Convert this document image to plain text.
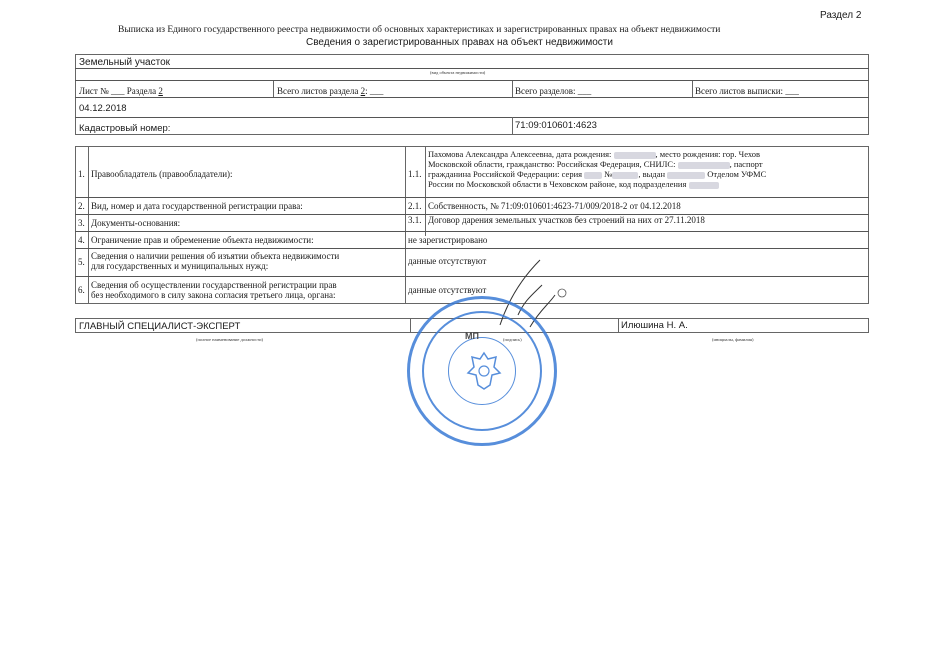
Раздел 2
Выписка из Единого государственного реестра недвижимости об основных характеристиках и зарегистрированных правах на объект недвижимости
Сведения о зарегистрированных правах на объект недвижимости
Земельный участок
(вид объекта недвижимости)
Лист № ___ Раздела 2	Всего листов раздела 2: ___	Всего разделов: ___	Всего листов выписки: ___
04.12.2018
Кадастровый номер:	71:09:010601:4623
1. Правообладатель (правообладатели):	1.1.
Пахомова Александра Алексеевна, дата рождения:	, место рождения: гор. Чехов
Московской области, гражданство: Российская Федерация, СНИЛС:	, паспорт
гражданина Российской Федерации: серия	№	, выдан	Отделом УФМС
России по Московской области в Чеховском районе, код подразделения
2. Вид, номер и дата государственной регистрации права:	2.1. Собственность, № 71:09:010601:4623-71/009/2018-2 от 04.12.2018
3. Документы-основания:	3.1. Договор дарения земельных участков без строений на них от 27.11.2018
4. Ограничение прав и обременение объекта недвижимости:	не зарегистрировано
5.
Сведения о наличии решения об изъятии объекта недвижимости
для государственных и муниципальных нужд:	данные отсутствуют
6. Сведения об осуществлении государственной регистрации прав
без необходимого в силу закона согласия третьего лица, органа:	данные отсутствуют
ГЛАВНЫЙ СПЕЦИАЛИСТ-ЭКСПЕРТ	Илюшина Н. А.
(полное наименование должности)	(подпись)	(инициалы, фамилия)
МП
